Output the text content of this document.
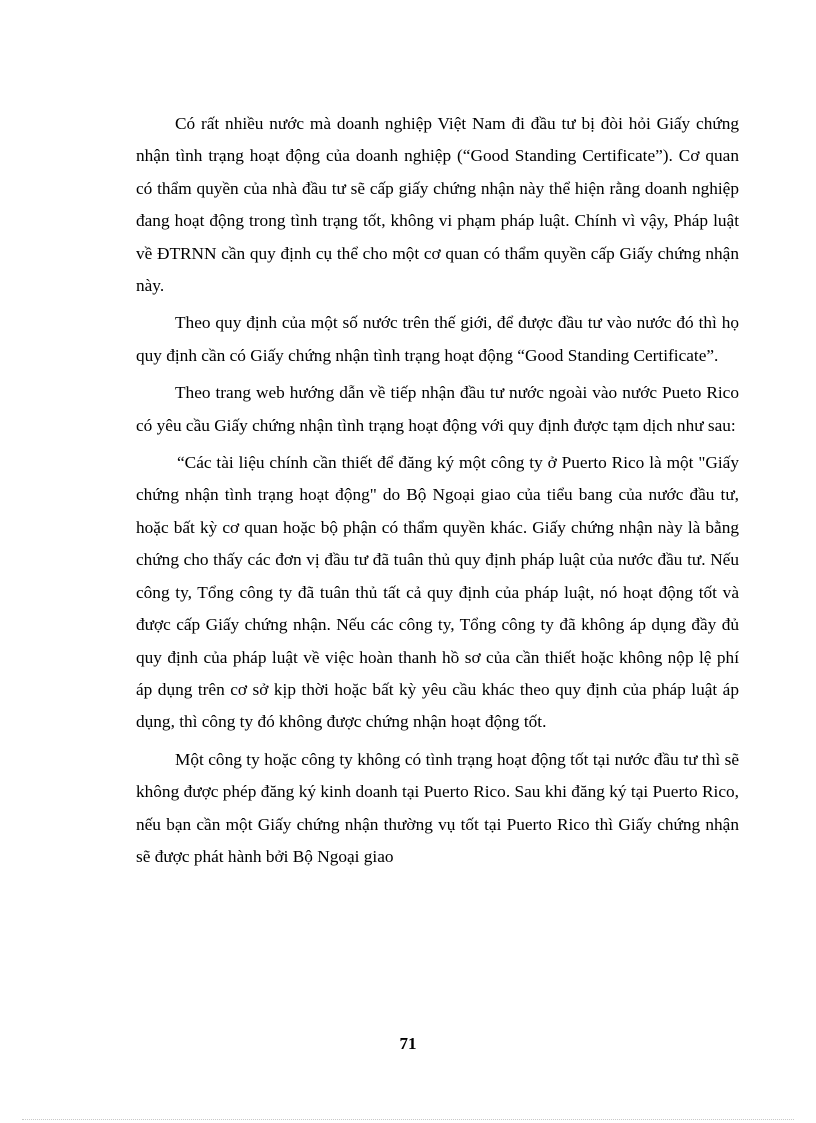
Có rất nhiều nước mà doanh nghiệp Việt Nam đi đầu tư bị đòi hỏi Giấy chứng nhận tình trạng hoạt động của doanh nghiệp (“Good Standing Certificate”). Cơ quan có thẩm quyền của nhà đầu tư sẽ cấp giấy chứng nhận này thể hiện rằng doanh nghiệp đang hoạt động trong tình trạng tốt, không vi phạm pháp luật. Chính vì vậy, Pháp luật về ĐTRNN cần quy định cụ thể cho một cơ quan có thẩm quyền cấp Giấy chứng nhận này.

Theo quy định của một số nước trên thế giới, để được đầu tư vào nước đó thì họ quy định cần có Giấy chứng nhận tình trạng hoạt động “Good Standing Certificate”.

Theo trang web hướng dẫn về tiếp nhận đầu tư nước ngoài vào nước Pueto Rico có yêu cầu Giấy chứng nhận tình trạng hoạt động với quy định được tạm dịch như sau:

“Các tài liệu chính cần thiết để đăng ký một công ty ở Puerto Rico là một "Giấy chứng nhận tình trạng hoạt động" do Bộ Ngoại giao của tiểu bang của nước đầu tư, hoặc bất kỳ cơ quan hoặc bộ phận có thẩm quyền khác. Giấy chứng nhận này là bằng chứng cho thấy các đơn vị đầu tư đã tuân thủ quy định pháp luật của nước đầu tư. Nếu công ty, Tổng công ty đã tuân thủ tất cả quy định của pháp luật, nó hoạt động tốt và được cấp Giấy chứng nhận. Nếu các công ty, Tổng công ty đã không áp dụng đầy đủ quy định của pháp luật về việc hoàn thanh hồ sơ của cần thiết hoặc không nộp lệ phí áp dụng trên cơ sở kịp thời hoặc bất kỳ yêu cầu khác theo quy định của pháp luật áp dụng, thì công ty đó không được chứng nhận hoạt động tốt.

Một công ty hoặc công ty không có tình trạng hoạt động tốt tại nước đầu tư thì sẽ không được phép đăng ký kinh doanh tại Puerto Rico. Sau khi đăng ký tại Puerto Rico, nếu bạn cần một Giấy chứng nhận thường vụ tốt tại Puerto Rico thì Giấy chứng nhận sẽ được phát hành bởi Bộ Ngoại giao

71
